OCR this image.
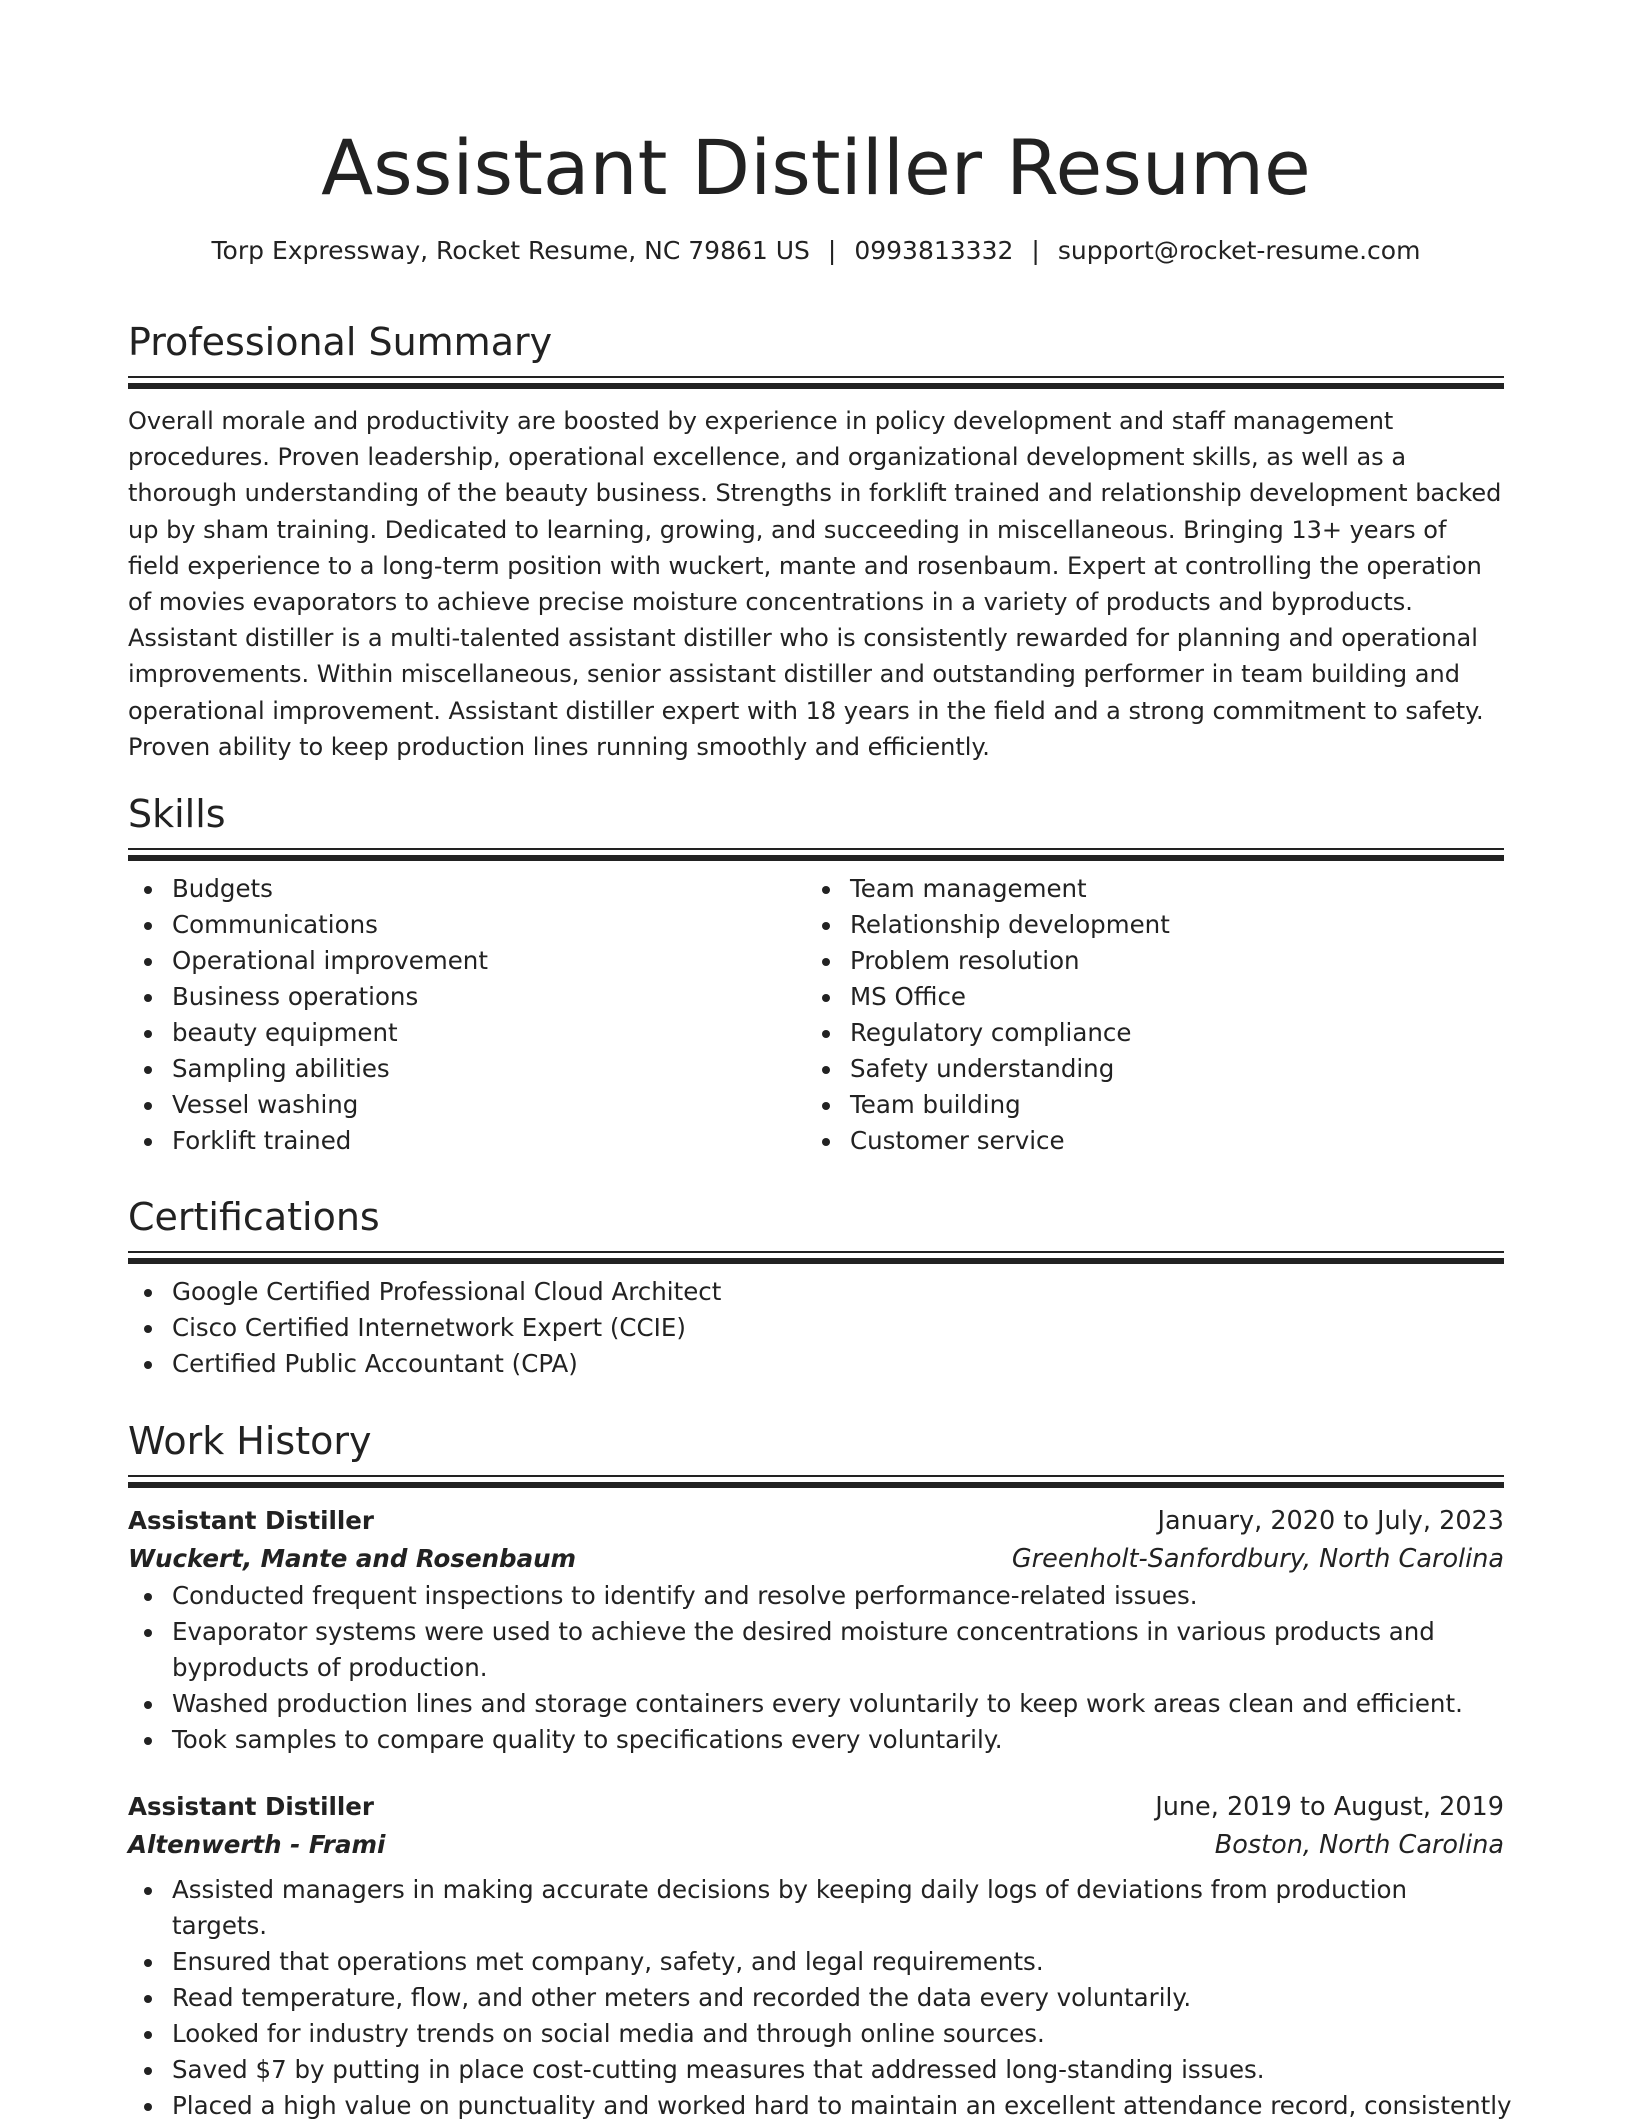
Assistant Distiller Resume
Torp Expressway, Rocket Resume, NC 79861 US | 0993813332 | support@rocket-resume.com
Professional Summary
Overall morale and productivity are boosted by experience in policy development and staff management procedures. Proven leadership, operational excellence, and organizational development skills, as well as a thorough understanding of the beauty business. Strengths in forklift trained and relationship development backed up by sham training. Dedicated to learning, growing, and succeeding in miscellaneous. Bringing 13+ years of field experience to a long-term position with wuckert, mante and rosenbaum. Expert at controlling the operation of movies evaporators to achieve precise moisture concentrations in a variety of products and byproducts. Assistant distiller is a multi-talented assistant distiller who is consistently rewarded for planning and operational improvements. Within miscellaneous, senior assistant distiller and outstanding performer in team building and operational improvement. Assistant distiller expert with 18 years in the field and a strong commitment to safety. Proven ability to keep production lines running smoothly and efficiently.
Skills
Budgets
Communications
Operational improvement
Business operations
beauty equipment
Sampling abilities
Vessel washing
Forklift trained
Team management
Relationship development
Problem resolution
MS Office
Regulatory compliance
Safety understanding
Team building
Customer service
Certifications
Google Certified Professional Cloud Architect
Cisco Certified Internetwork Expert (CCIE)
Certified Public Accountant (CPA)
Work History
Assistant Distiller	January, 2020 to July, 2023
Wuckert, Mante and Rosenbaum	Greenholt-Sanfordbury, North Carolina
Conducted frequent inspections to identify and resolve performance-related issues.
Evaporator systems were used to achieve the desired moisture concentrations in various products and byproducts of production.
Washed production lines and storage containers every voluntarily to keep work areas clean and efficient.
Took samples to compare quality to specifications every voluntarily.
Assistant Distiller	June, 2019 to August, 2019
Altenwerth - Frami	Boston, North Carolina
Assisted managers in making accurate decisions by keeping daily logs of deviations from production targets.
Ensured that operations met company, safety, and legal requirements.
Read temperature, flow, and other meters and recorded the data every voluntarily.
Looked for industry trends on social media and through online sources.
Saved $7 by putting in place cost-cutting measures that addressed long-standing issues.
Placed a high value on punctuality and worked hard to maintain an excellent attendance record, consistently
